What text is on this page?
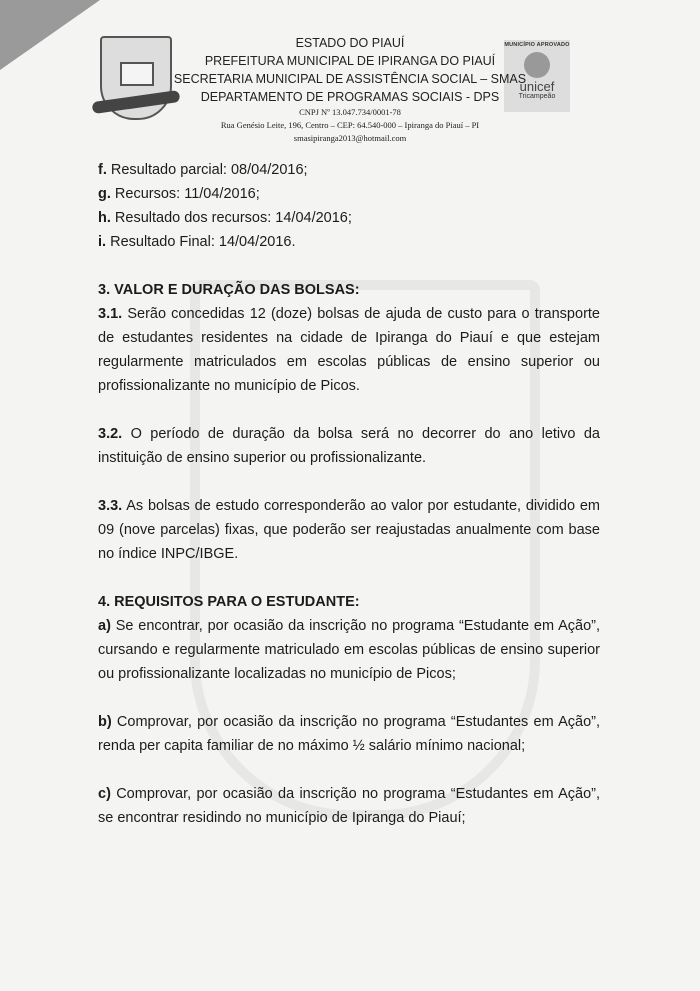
MUNICÍPIO APROVADO
unicef
Tricampeão
ESTADO DO PIAUÍ
PREFEITURA MUNICIPAL DE IPIRANGA DO PIAUÍ
SECRETARIA MUNICIPAL DE ASSISTÊNCIA SOCIAL – SMAS
DEPARTAMENTO DE PROGRAMAS SOCIAIS - DPS
CNPJ Nº 13.047.734/0001-78
Rua Genésio Leite, 196, Centro – CEP: 64.540-000 – Ipiranga do Piauí – PI
smasipiranga2013@hotmail.com

f. Resultado parcial: 08/04/2016;

g. Recursos: 11/04/2016;

h. Resultado dos recursos: 14/04/2016;

i. Resultado Final: 14/04/2016.

3. VALOR E DURAÇÃO DAS BOLSAS:

3.1. Serão concedidas 12 (doze) bolsas de ajuda de custo para o transporte de estudantes residentes na cidade de Ipiranga do Piauí e que estejam regularmente matriculados em escolas públicas de ensino superior ou profissionalizante no município de Picos.

3.2. O período de duração da bolsa será no decorrer do ano letivo da instituição de ensino superior ou profissionalizante.

3.3. As bolsas de estudo corresponderão ao valor por estudante, dividido em 09 (nove parcelas) fixas, que poderão ser reajustadas anualmente com base no índice INPC/IBGE.

4. REQUISITOS PARA O ESTUDANTE:

a) Se encontrar, por ocasião da inscrição no programa “Estudante em Ação”, cursando e regularmente matriculado em escolas públicas de ensino superior ou profissionalizante localizadas no município de Picos;

b) Comprovar, por ocasião da inscrição no programa “Estudantes em Ação”, renda per capita familiar de no máximo ½ salário mínimo nacional;

c) Comprovar, por ocasião da inscrição no programa “Estudantes em Ação”, se encontrar residindo no município de Ipiranga do Piauí;
